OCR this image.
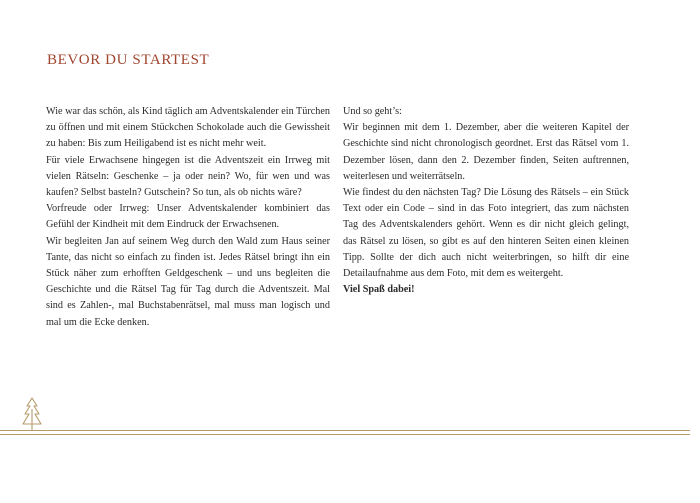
BEVOR DU STARTEST

Wie war das schön, als Kind täglich am Adventskalender ein Türchen zu öffnen und mit einem Stückchen Schokolade auch die Gewissheit zu haben: Bis zum Heiligabend ist es nicht mehr weit.

Für viele Erwachsene hingegen ist die Adventszeit ein Irrweg mit vielen Rätseln: Geschenke – ja oder nein? Wo, für wen und was kaufen? Selbst basteln? Gutschein? So tun, als ob nichts wäre?

Vorfreude oder Irrweg: Unser Adventskalender kombiniert das Gefühl der Kindheit mit dem Eindruck der Erwachsenen.

Wir begleiten Jan auf seinem Weg durch den Wald zum Haus seiner Tante, das nicht so einfach zu finden ist. Jedes Rätsel bringt ihn ein Stück näher zum erhofften Geldgeschenk – und uns begleiten die Geschichte und die Rätsel Tag für Tag durch die Adventszeit. Mal sind es Zahlen-, mal Buchstabenrätsel, mal muss man logisch und mal um die Ecke denken.

Und so geht’s:

Wir beginnen mit dem 1. Dezember, aber die weiteren Kapitel der Geschichte sind nicht chronologisch geordnet. Erst das Rätsel vom 1. Dezember lösen, dann den 2. Dezember finden, Seiten auftrennen, weiterlesen und weiterrätseln.

Wie findest du den nächsten Tag? Die Lösung des Rätsels – ein Stück Text oder ein Code – sind in das Foto integriert, das zum nächsten Tag des Adventskalenders gehört. Wenn es dir nicht gleich gelingt, das Rätsel zu lösen, so gibt es auf den hinteren Seiten einen kleinen Tipp. Sollte der dich auch nicht weiterbringen, so hilft dir eine Detailaufnahme aus dem Foto, mit dem es weitergeht.

Viel Spaß dabei!
